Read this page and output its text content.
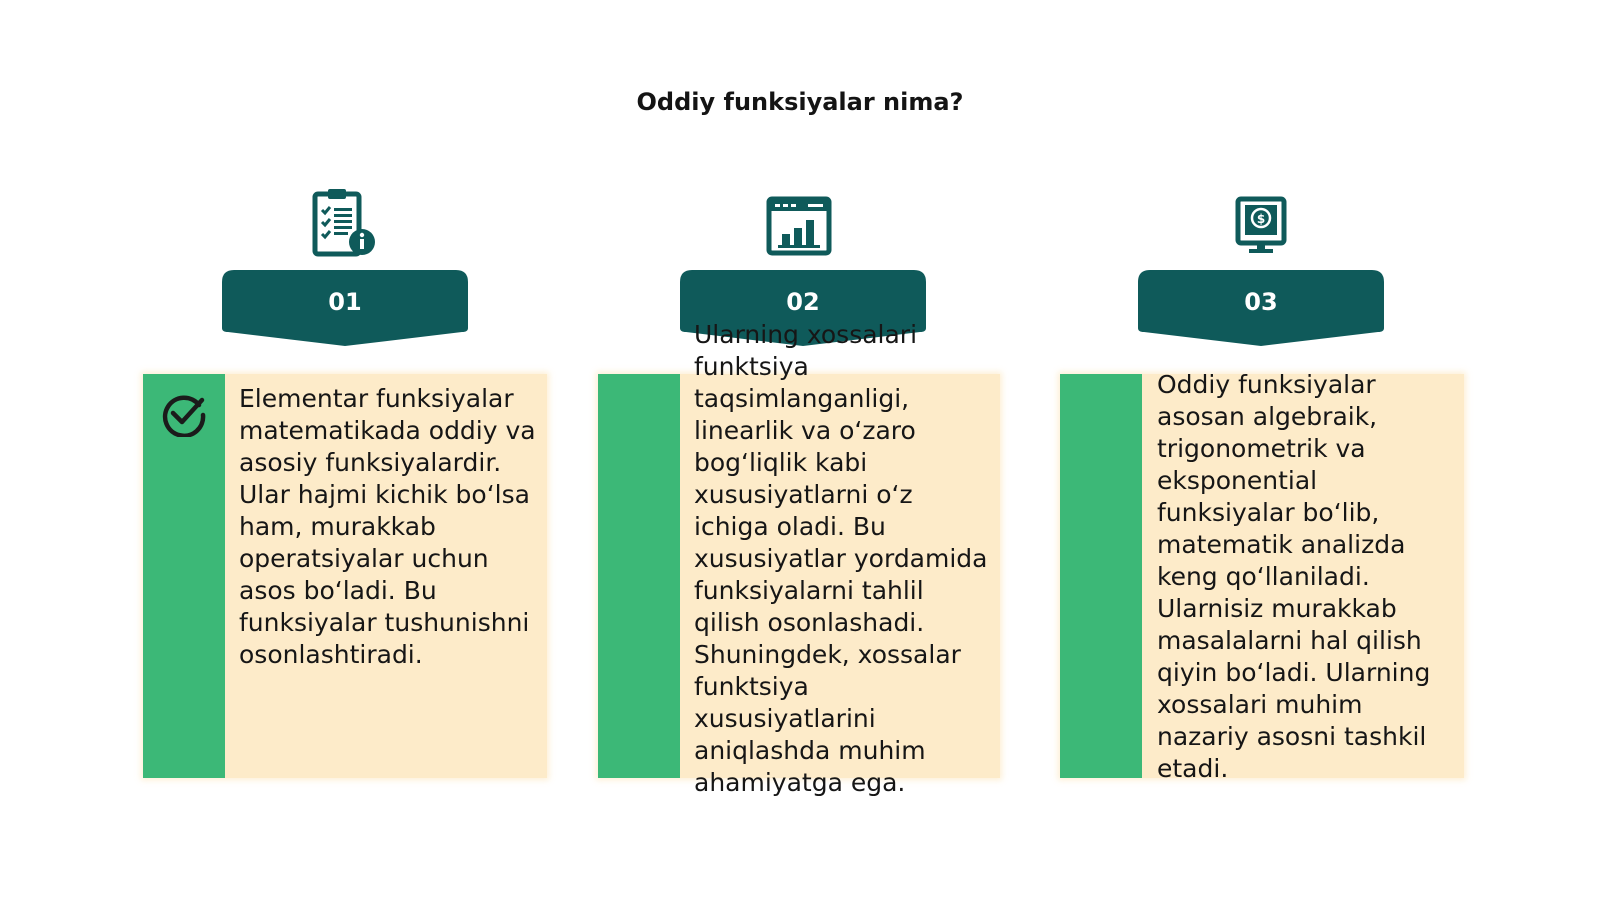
Oddiy funksiyalar nima?
01
Elementar funksiyalar matematikada oddiy va asosiy funksiyalardir. Ular hajmi kichik bo‘lsa ham, murakkab operatsiyalar uchun asos bo‘ladi. Bu funksiyalar tushunishni osonlashtiradi.
02
Ularning xossalari funktsiya taqsimlanganligi, linearlik va o‘zaro bog‘liqlik kabi xususiyatlarni o‘z ichiga oladi. Bu xususiyatlar yordamida funksiyalarni tahlil qilish osonlashadi. Shuningdek, xossalar funktsiya xususiyatlarini aniqlashda muhim ahamiyatga ega.
$
03
Oddiy funksiyalar asosan algebraik, trigonometrik va eksponential funksiyalar bo‘lib, matematik analizda keng qo‘llaniladi. Ularnisiz murakkab masalalarni hal qilish qiyin bo‘ladi. Ularning xossalari muhim nazariy asosni tashkil etadi.
